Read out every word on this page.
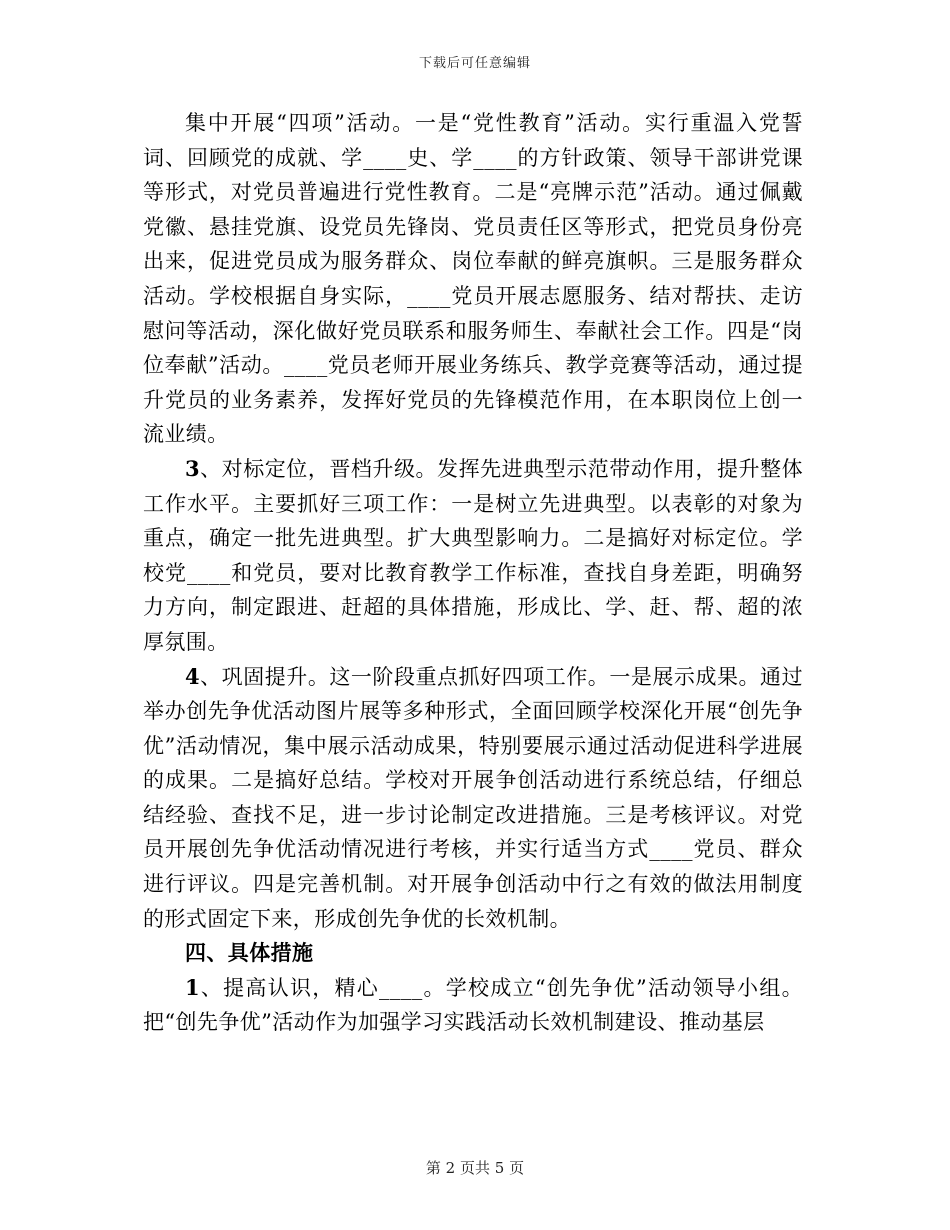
下载后可任意编辑

集中开展“四项”活动。一是“党性教育”活动。实行重温入党誓词、回顾党的成就、学____史、学____的方针政策、领导干部讲党课等形式，对党员普遍进行党性教育。二是“亮牌示范”活动。通过佩戴党徽、悬挂党旗、设党员先锋岗、党员责任区等形式，把党员身份亮出来，促进党员成为服务群众、岗位奉献的鲜亮旗帜。三是服务群众活动。学校根据自身实际，____党员开展志愿服务、结对帮扶、走访慰问等活动，深化做好党员联系和服务师生、奉献社会工作。四是“岗位奉献”活动。____党员老师开展业务练兵、教学竞赛等活动，通过提升党员的业务素养，发挥好党员的先锋模范作用，在本职岗位上创一流业绩。

3、对标定位，晋档升级。发挥先进典型示范带动作用，提升整体工作水平。主要抓好三项工作：一是树立先进典型。以表彰的对象为重点，确定一批先进典型。扩大典型影响力。二是搞好对标定位。学校党____和党员，要对比教育教学工作标准，查找自身差距，明确努力方向，制定跟进、赶超的具体措施，形成比、学、赶、帮、超的浓厚氛围。

4、巩固提升。这一阶段重点抓好四项工作。一是展示成果。通过举办创先争优活动图片展等多种形式，全面回顾学校深化开展“创先争优”活动情况，集中展示活动成果，特别要展示通过活动促进科学进展的成果。二是搞好总结。学校对开展争创活动进行系统总结，仔细总结经验、查找不足，进一步讨论制定改进措施。三是考核评议。对党员开展创先争优活动情况进行考核，并实行适当方式____党员、群众进行评议。四是完善机制。对开展争创活动中行之有效的做法用制度的形式固定下来，形成创先争优的长效机制。

四、具体措施

1、提高认识，精心____。学校成立“创先争优”活动领导小组。把“创先争优”活动作为加强学习实践活动长效机制建设、推动基层

第 2 页共 5 页
